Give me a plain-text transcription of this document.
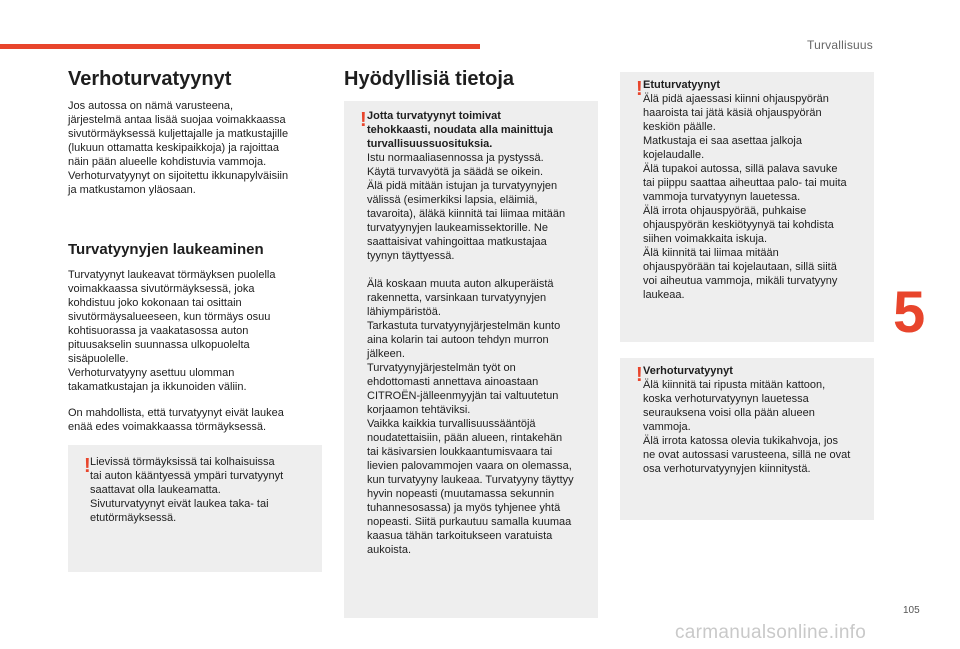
Turvallisuus
Verhoturvatyynyt

Jos autossa on nämä varusteena,
järjestelmä antaa lisää suojaa voimakkaassa
sivutörmäyksessä kuljettajalle ja matkustajille
(lukuun ottamatta keskipaikkoja) ja rajoittaa
näin pään alueelle kohdistuvia vammoja.
Verhoturvatyynyt on sijoitettu ikkunapylväisiin
ja matkustamon yläosaan.

Turvatyynyjen laukeaminen

Turvatyynyt laukeavat törmäyksen puolella
voimakkaassa sivutörmäyksessä, joka
kohdistuu joko kokonaan tai osittain
sivutörmäysalueeseen, kun törmäys osuu
kohtisuorassa ja vaakatasossa auton
pituusakselin suunnassa ulkopuolelta
sisäpuolelle.
Verhoturvatyyny asettuu ulomman
takamatkustajan ja ikkunoiden väliin.

On mahdollista, että turvatyynyt eivät laukea
enää edes voimakkaassa törmäyksessä.

! Lievissä törmäyksissä tai kolhaisuissa
tai auton kääntyessä ympäri turvatyynyt
saattavat olla laukeamatta.
Sivuturvatyynyt eivät laukea taka- tai
etutörmäyksessä.

Hyödyllisiä tietoja
! Jotta turvatyynyt toimivat
tehokkaasti, noudata alla mainittuja
turvallisuussuosituksia.

Istu normaaliasennossa ja pystyssä.
Käytä turvavyötä ja säädä se oikein.
Älä pidä mitään istujan ja turvatyynyjen
välissä (esimerkiksi lapsia, eläimiä,
tavaroita), äläkä kiinnitä tai liimaa mitään
turvatyynyjen laukeamissektorille. Ne
saattaisivat vahingoittaa matkustajaa
tyynyn täyttyessä.

Älä koskaan muuta auton alkuperäistä
rakennetta, varsinkaan turvatyynyjen
lähiympäristöä.
Tarkastuta turvatyynyjärjestelmän kunto
aina kolarin tai autoon tehdyn murron
jälkeen.
Turvatyynyjärjestelmän työt on
ehdottomasti annettava ainoastaan
CITROËN-jälleenmyyjän tai valtuutetun
korjaamon tehtäviksi.
Vaikka kaikkia turvallisuussääntöjä
noudatettaisiin, pään alueen, rintakehän
tai käsivarsien loukkaantumisvaara tai
lievien palovammojen vaara on olemassa,
kun turvatyyny laukeaa. Turvatyyny täyttyy
hyvin nopeasti (muutamassa sekunnin
tuhannesosassa) ja myös tyhjenee yhtä
nopeasti. Siitä purkautuu samalla kuumaa
kaasua tähän tarkoitukseen varatuista
aukoista.

! Etuturvatyynyt

Älä pidä ajaessasi kiinni ohjauspyörän
haaroista tai jätä käsiä ohjauspyörän
keskiön päälle.
Matkustaja ei saa asettaa jalkoja
kojelaudalle.
Älä tupakoi autossa, sillä palava savuke
tai piippu saattaa aiheuttaa palo- tai muita
vammoja turvatyynyn lauetessa.
Älä irrota ohjauspyörää, puhkaise
ohjauspyörän keskiötyynyä tai kohdista
siihen voimakkaita iskuja.
Älä kiinnitä tai liimaa mitään
ohjauspyörään tai kojelautaan, sillä siitä
voi aiheutua vammoja, mikäli turvatyyny
laukeaa.

! Verhoturvatyynyt

Älä kiinnitä tai ripusta mitään kattoon,
koska verhoturvatyynyn lauetessa
seurauksena voisi olla pään alueen
vammoja.
Älä irrota katossa olevia tukikahvoja, jos
ne ovat autossasi varusteena, sillä ne ovat
osa verhoturvatyynyjen kiinnitystä.

5
105
carmanualsonline.info
